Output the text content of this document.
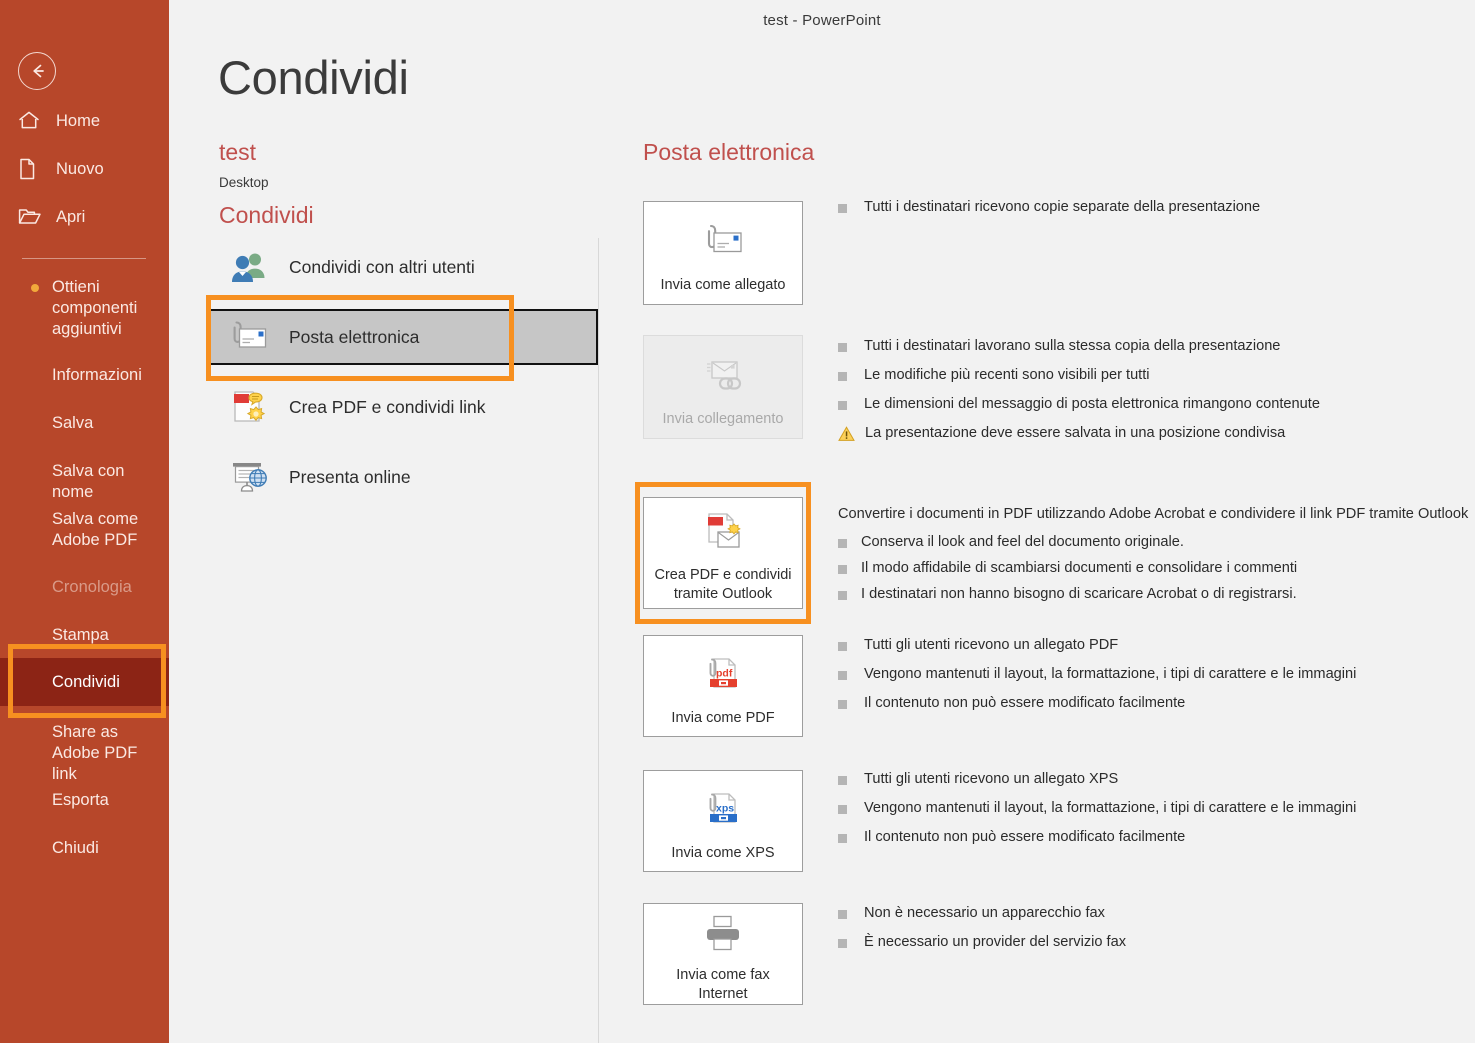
test - PowerPoint
Home
Nuovo
Apri
Ottieni componenti aggiuntivi
Informazioni
Salva
Salva con nome
Salva come Adobe PDF
Cronologia
Stampa
Condividi
Share as Adobe PDF link
Esporta
Chiudi
Condividi
test
Desktop
Condividi
Condividi con altri utenti
Posta elettronica
Crea PDF e condividi link
Presenta online
Posta elettronica
Invia come allegato
Tutti i destinatari ricevono copie separate della presentazione
Invia collegamento
Tutti i destinatari lavorano sulla stessa copia della presentazione
Le modifiche più recenti sono visibili per tutti
Le dimensioni del messaggio di posta elettronica rimangono contenute
La presentazione deve essere salvata in una posizione condivisa
Crea PDF e condividi tramite Outlook
Convertire i documenti in PDF utilizzando Adobe Acrobat e condividere il link PDF tramite Outlook
Conserva il look and feel del documento originale.
Il modo affidabile di scambiarsi documenti e consolidare i commenti
I destinatari non hanno bisogno di scaricare Acrobat o di registrarsi.
pdf
Invia come PDF
Tutti gli utenti ricevono un allegato PDF
Vengono mantenuti il layout, la formattazione, i tipi di carattere e le immagini
Il contenuto non può essere modificato facilmente
xps
Invia come XPS
Tutti gli utenti ricevono un allegato XPS
Vengono mantenuti il layout, la formattazione, i tipi di carattere e le immagini
Il contenuto non può essere modificato facilmente
Invia come fax Internet
Non è necessario un apparecchio fax
È necessario un provider del servizio fax
